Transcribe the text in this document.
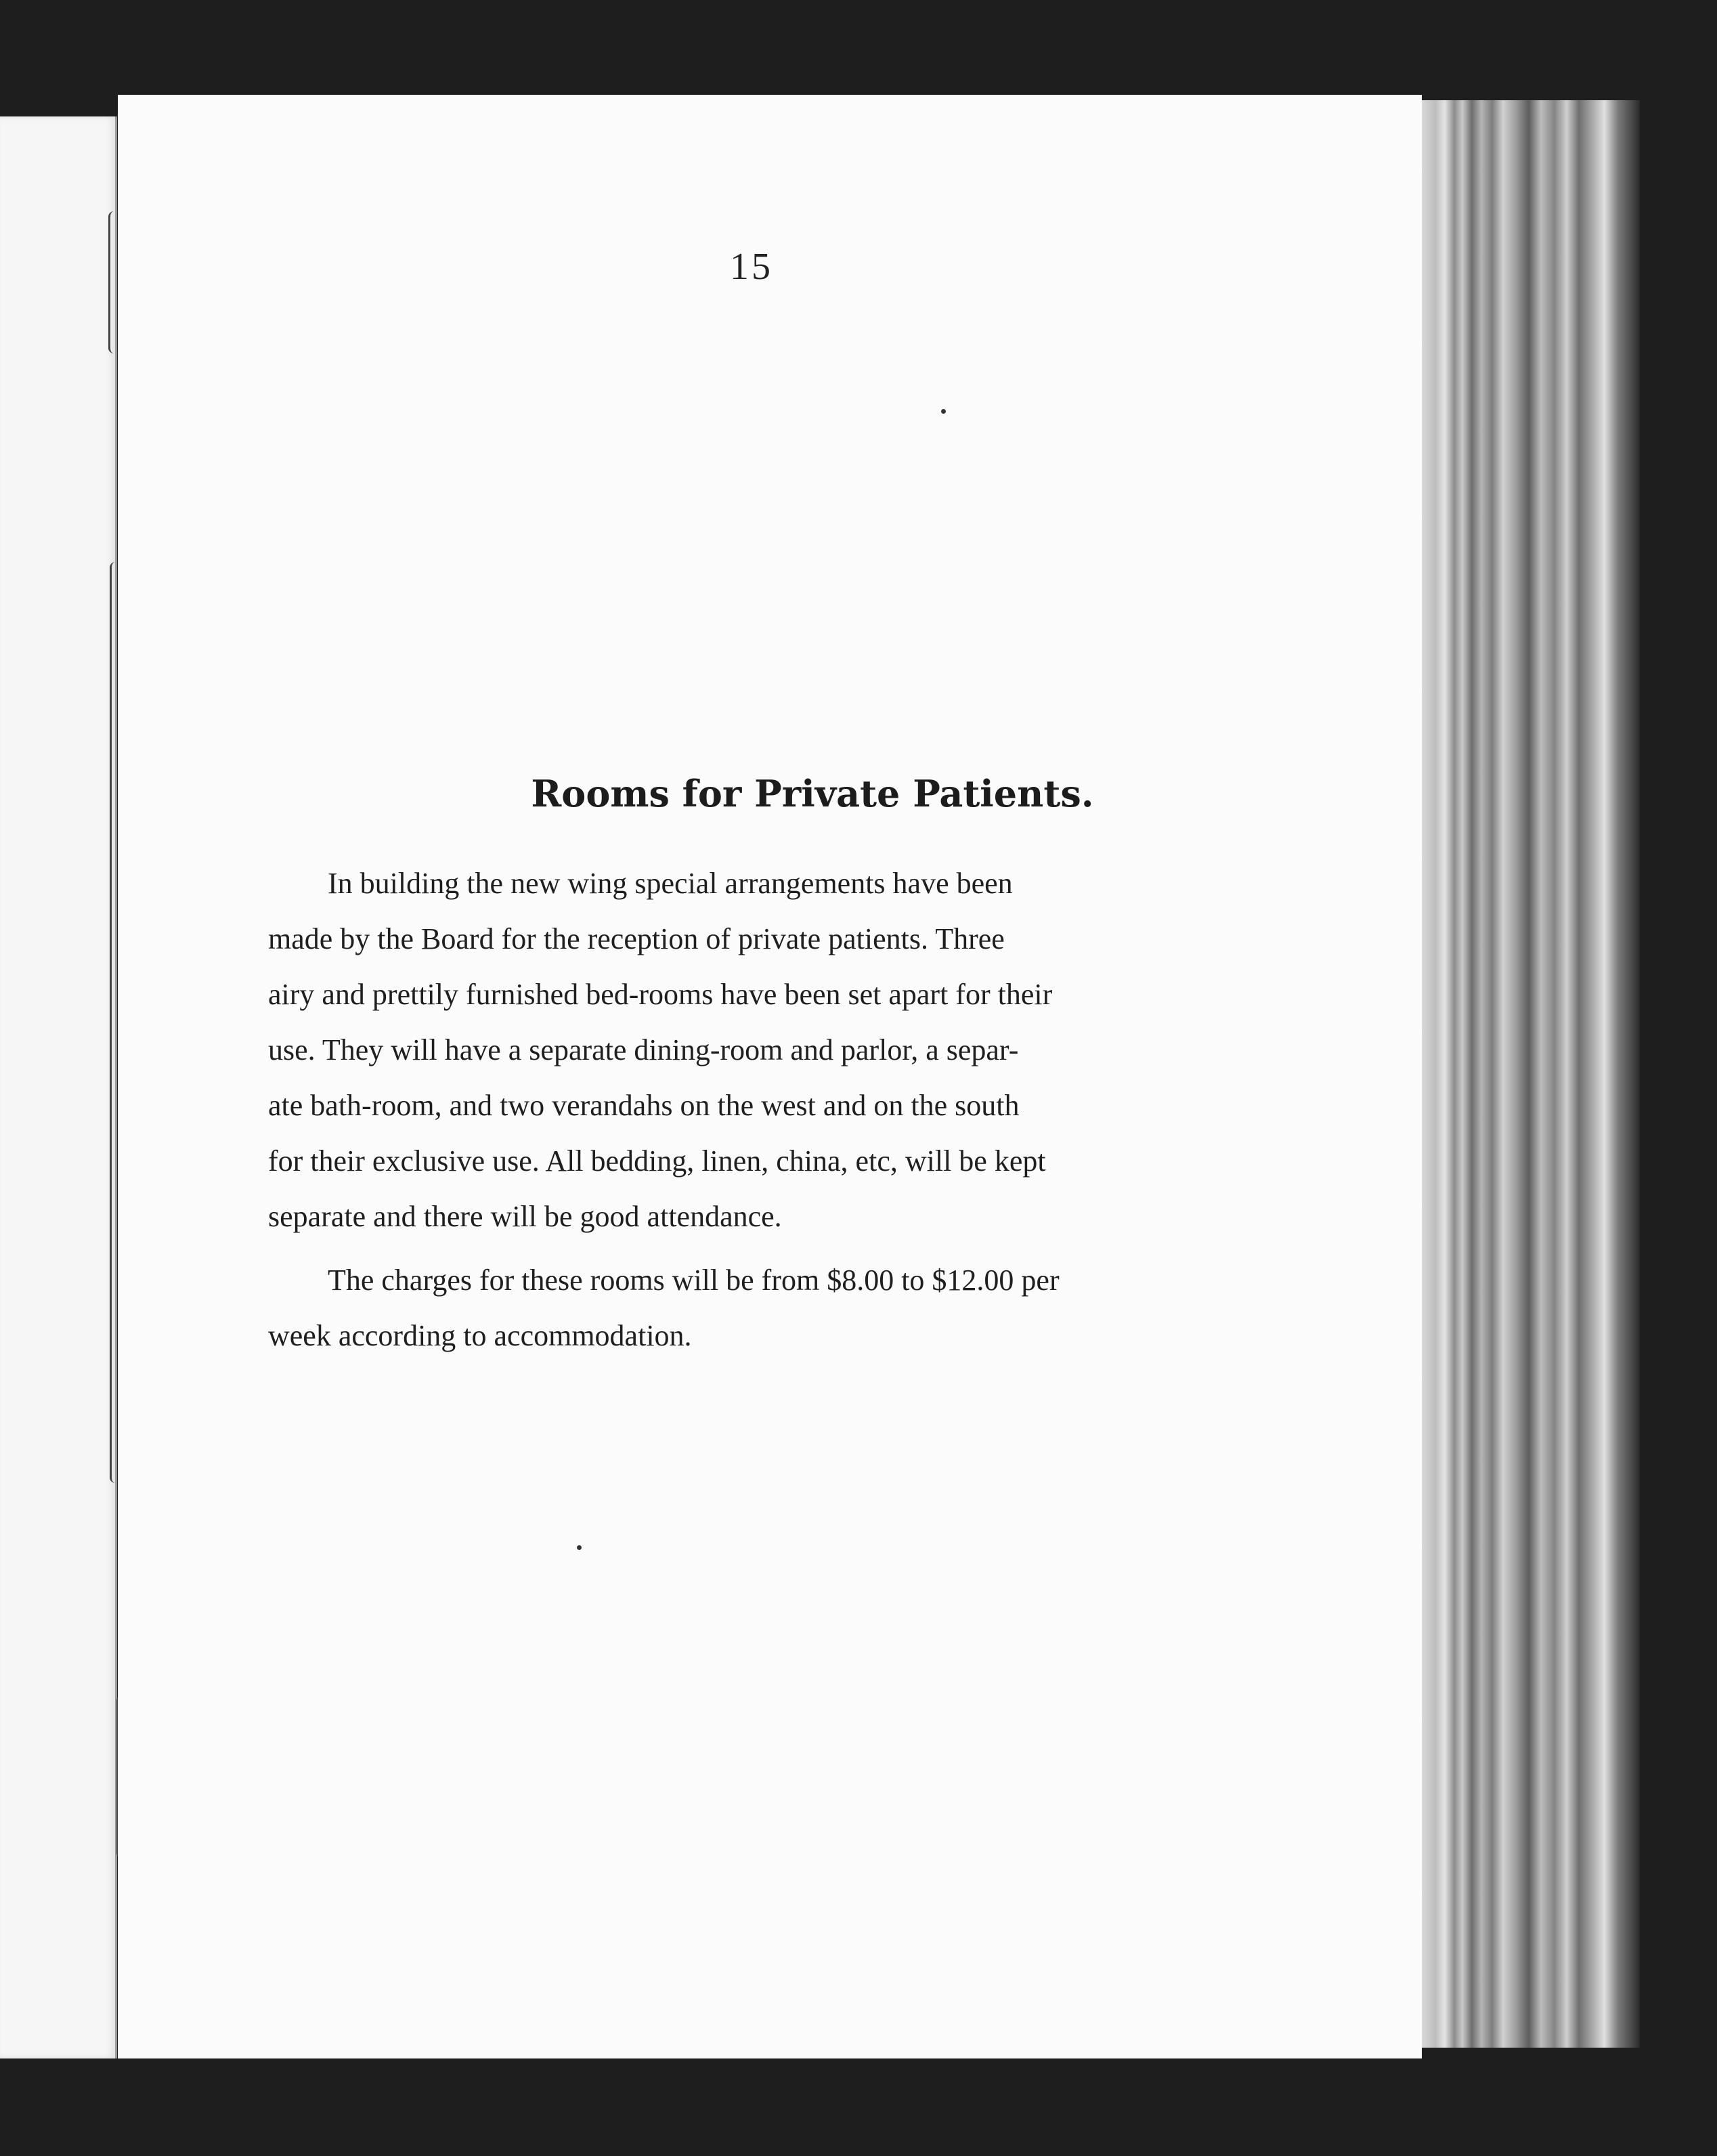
15

Rooms for Private Patients.

In building the new wing special arrangements have been
made by the Board for the reception of private patients. Three
airy and prettily furnished bed-rooms have been set apart for their
use. They will have a separate dining-room and parlor, a separ-
ate bath-room, and two verandahs on the west and on the south
for their exclusive use. All bedding, linen, china, etc, will be kept
separate and there will be good attendance.

The charges for these rooms will be from $8.00 to $12.00 per
week according to accommodation.
